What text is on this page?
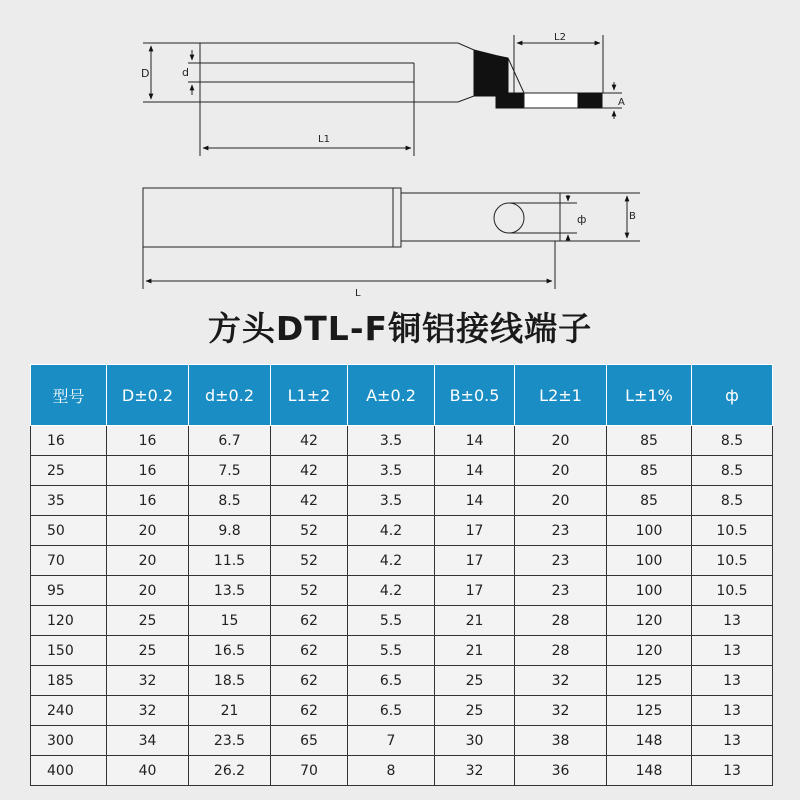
D	d
L1
L2
A
ф	B
L
方头DTL-F铜铝接线端子
型号	D±0.2	d±0.2	L1±2	A±0.2	B±0.5	L2±1	L±1%	ф
16	16	6.7	42	3.5	14	20	85	8.5
25	16	7.5	42	3.5	14	20	85	8.5
35	16	8.5	42	3.5	14	20	85	8.5
50	20	9.8	52	4.2	17	23	100	10.5
70	20	11.5	52	4.2	17	23	100	10.5
95	20	13.5	52	4.2	17	23	100	10.5
120	25	15	62	5.5	21	28	120	13
150	25	16.5	62	5.5	21	28	120	13
185	32	18.5	62	6.5	25	32	125	13
240	32	21	62	6.5	25	32	125	13
300	34	23.5	65	7	30	38	148	13
400	40	26.2	70	8	32	36	148	13
